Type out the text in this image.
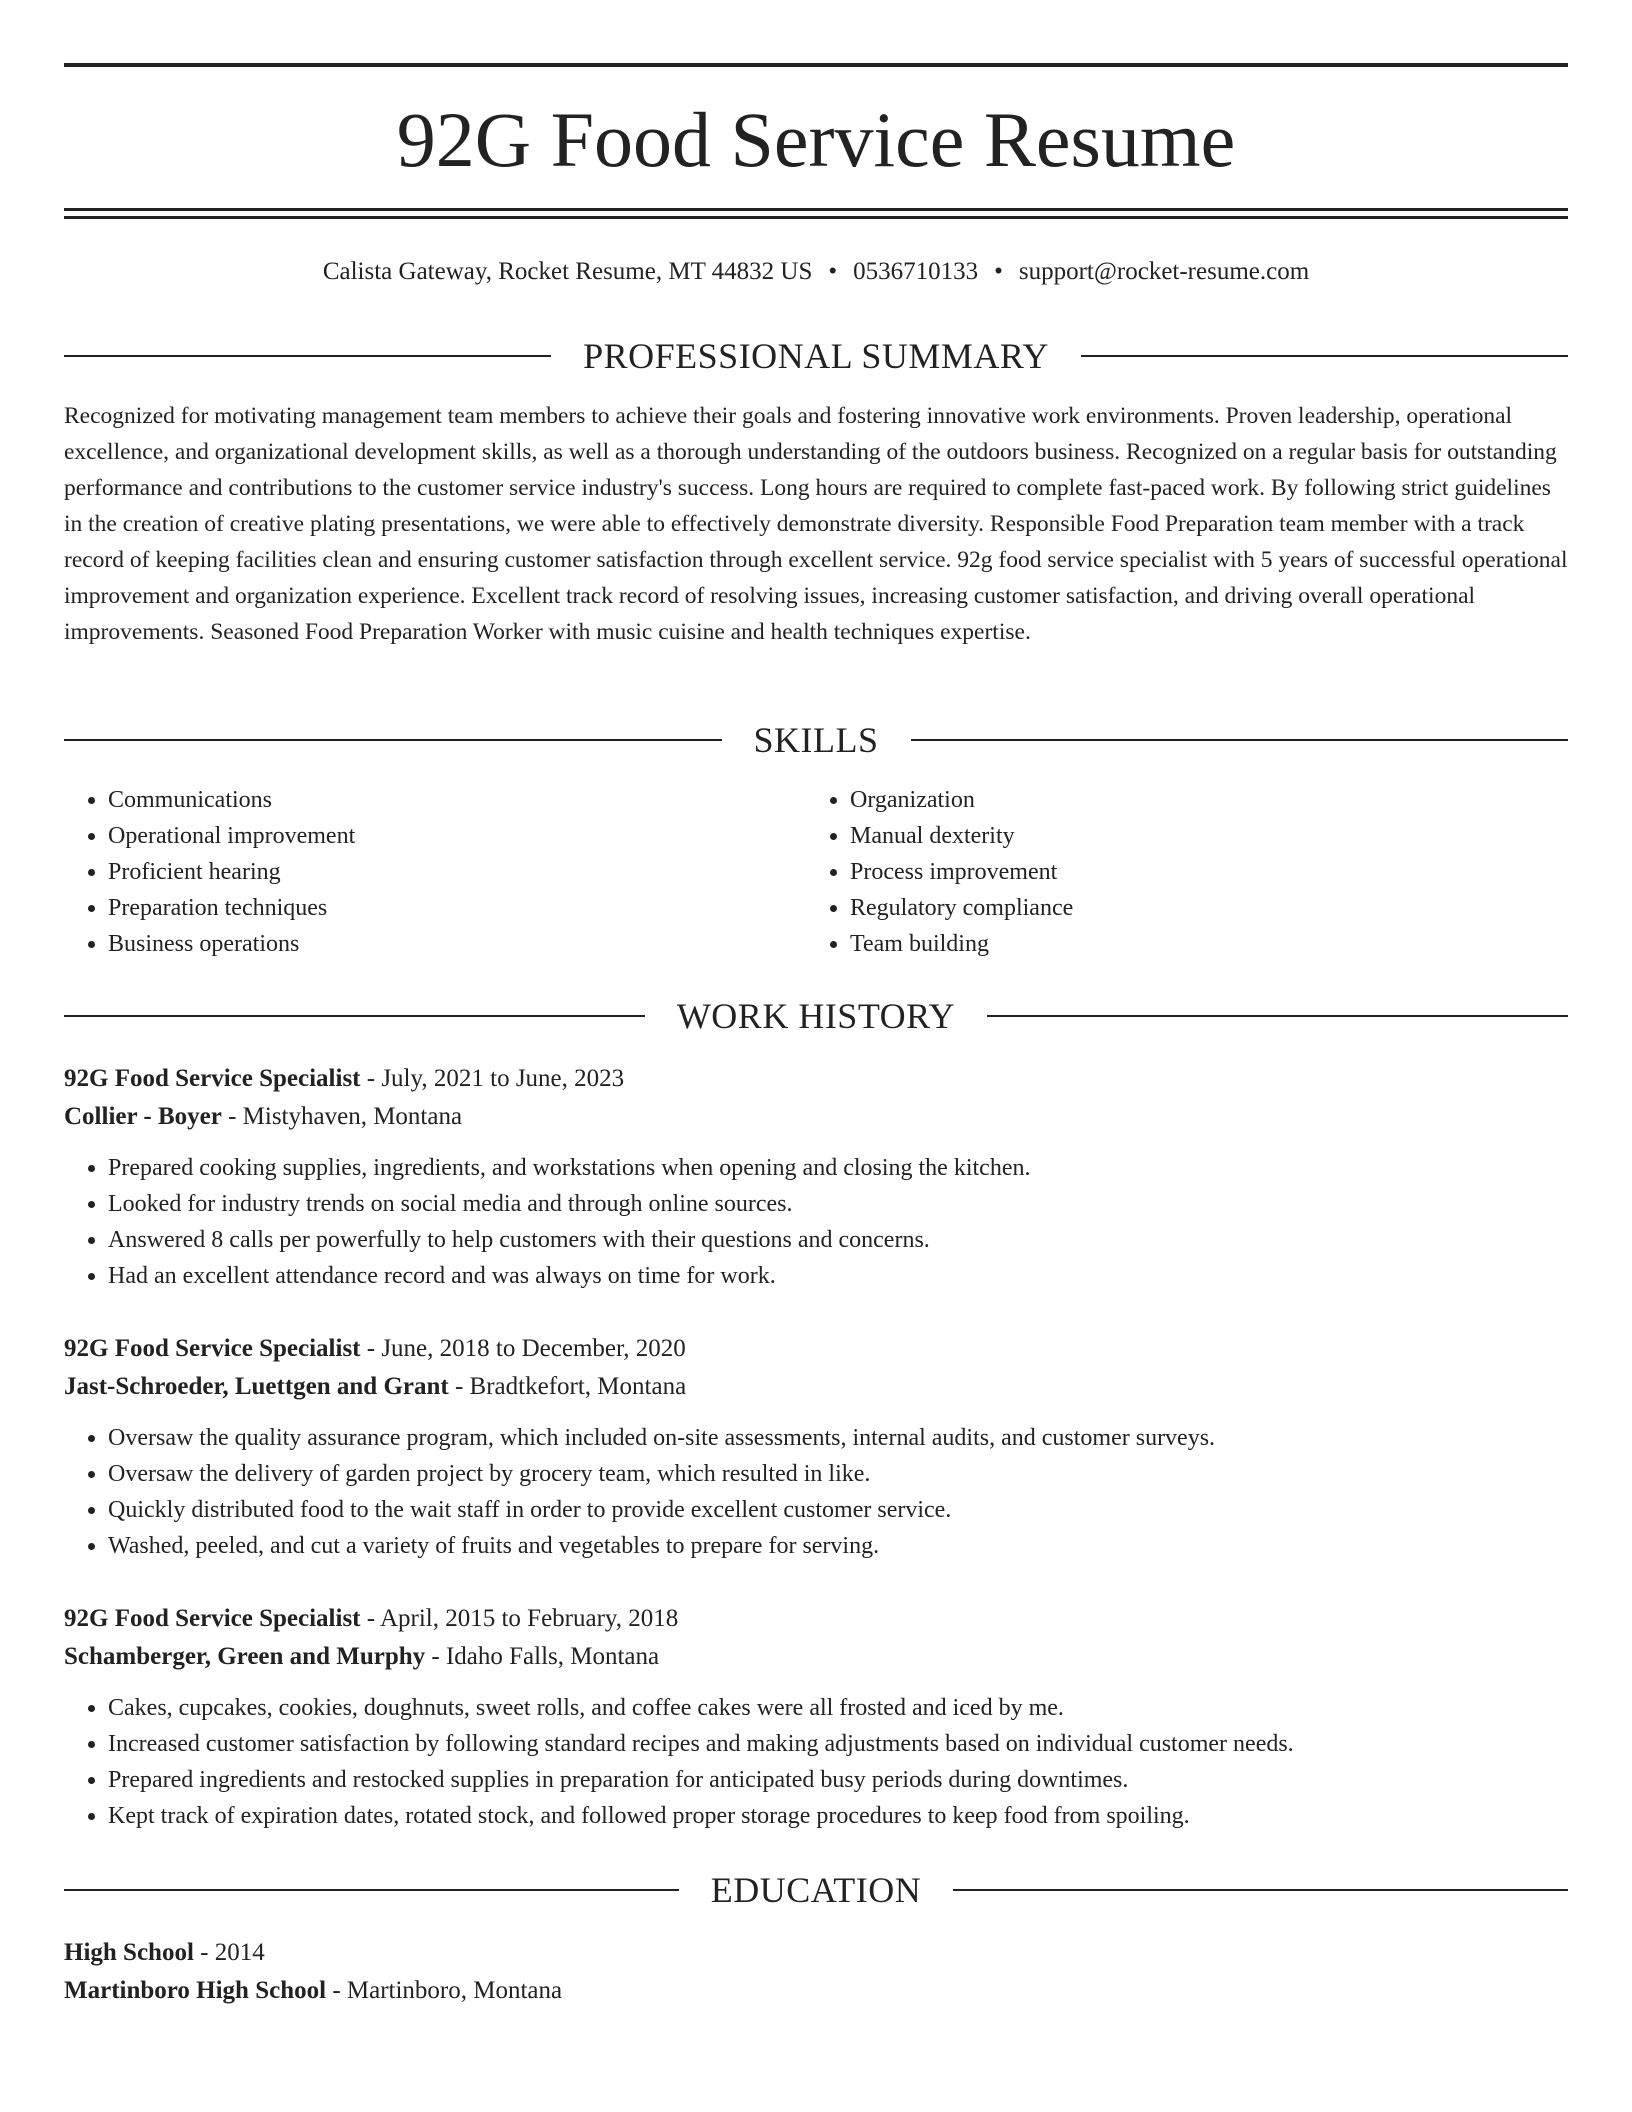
92G Food Service Resume
Calista Gateway, Rocket Resume, MT 44832 US • 0536710133 • support@rocket-resume.com
PROFESSIONAL SUMMARY

Recognized for motivating management team members to achieve their goals and fostering innovative work environments. Proven leadership, operational excellence, and organizational development skills, as well as a thorough understanding of the outdoors business. Recognized on a regular basis for outstanding performance and contributions to the customer service industry's success. Long hours are required to complete fast-paced work. By following strict guidelines in the creation of creative plating presentations, we were able to effectively demonstrate diversity. Responsible Food Preparation team member with a track record of keeping facilities clean and ensuring customer satisfaction through excellent service. 92g food service specialist with 5 years of successful operational improvement and organization experience. Excellent track record of resolving issues, increasing customer satisfaction, and driving overall operational improvements. Seasoned Food Preparation Worker with music cuisine and health techniques expertise.

SKILLS
• Communications
• Operational improvement
• Proficient hearing
• Preparation techniques
• Business operations
• Organization
• Manual dexterity
• Process improvement
• Regulatory compliance
• Team building
WORK HISTORY
92G Food Service Specialist - July, 2021 to June, 2023
Collier - Boyer - Mistyhaven, Montana
• Prepared cooking supplies, ingredients, and workstations when opening and closing the kitchen.
• Looked for industry trends on social media and through online sources.
• Answered 8 calls per powerfully to help customers with their questions and concerns.
• Had an excellent attendance record and was always on time for work.
92G Food Service Specialist - June, 2018 to December, 2020
Jast-Schroeder, Luettgen and Grant - Bradtkefort, Montana
• Oversaw the quality assurance program, which included on-site assessments, internal audits, and customer surveys.
• Oversaw the delivery of garden project by grocery team, which resulted in like.
• Quickly distributed food to the wait staff in order to provide excellent customer service.
• Washed, peeled, and cut a variety of fruits and vegetables to prepare for serving.
92G Food Service Specialist - April, 2015 to February, 2018
Schamberger, Green and Murphy - Idaho Falls, Montana
• Cakes, cupcakes, cookies, doughnuts, sweet rolls, and coffee cakes were all frosted and iced by me.
• Increased customer satisfaction by following standard recipes and making adjustments based on individual customer needs.
• Prepared ingredients and restocked supplies in preparation for anticipated busy periods during downtimes.
• Kept track of expiration dates, rotated stock, and followed proper storage procedures to keep food from spoiling.
EDUCATION
High School - 2014
Martinboro High School - Martinboro, Montana
